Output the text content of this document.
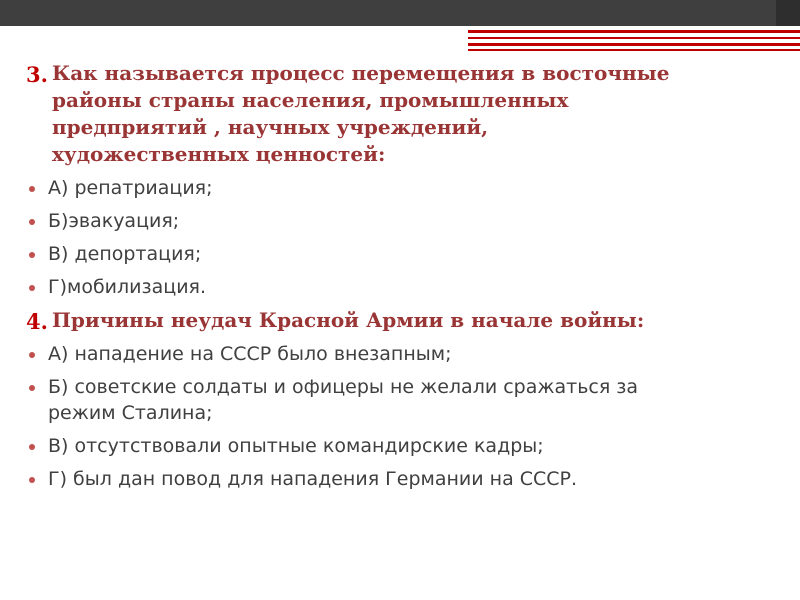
3. Как называется процесс перемещения в восточные
районы страны населения, промышленных
предприятий , научных учреждений,
художественных ценностей:
А) репатриация;
Б)эвакуация;
В) депортация;
Г)мобилизация.
4. Причины неудач Красной Армии в начале войны:
А) нападение на СССР было внезапным;
Б) советские солдаты и офицеры не желали сражаться за
режим Сталина;
В) отсутствовали опытные командирские кадры;
Г) был дан повод для нападения Германии на СССР.
